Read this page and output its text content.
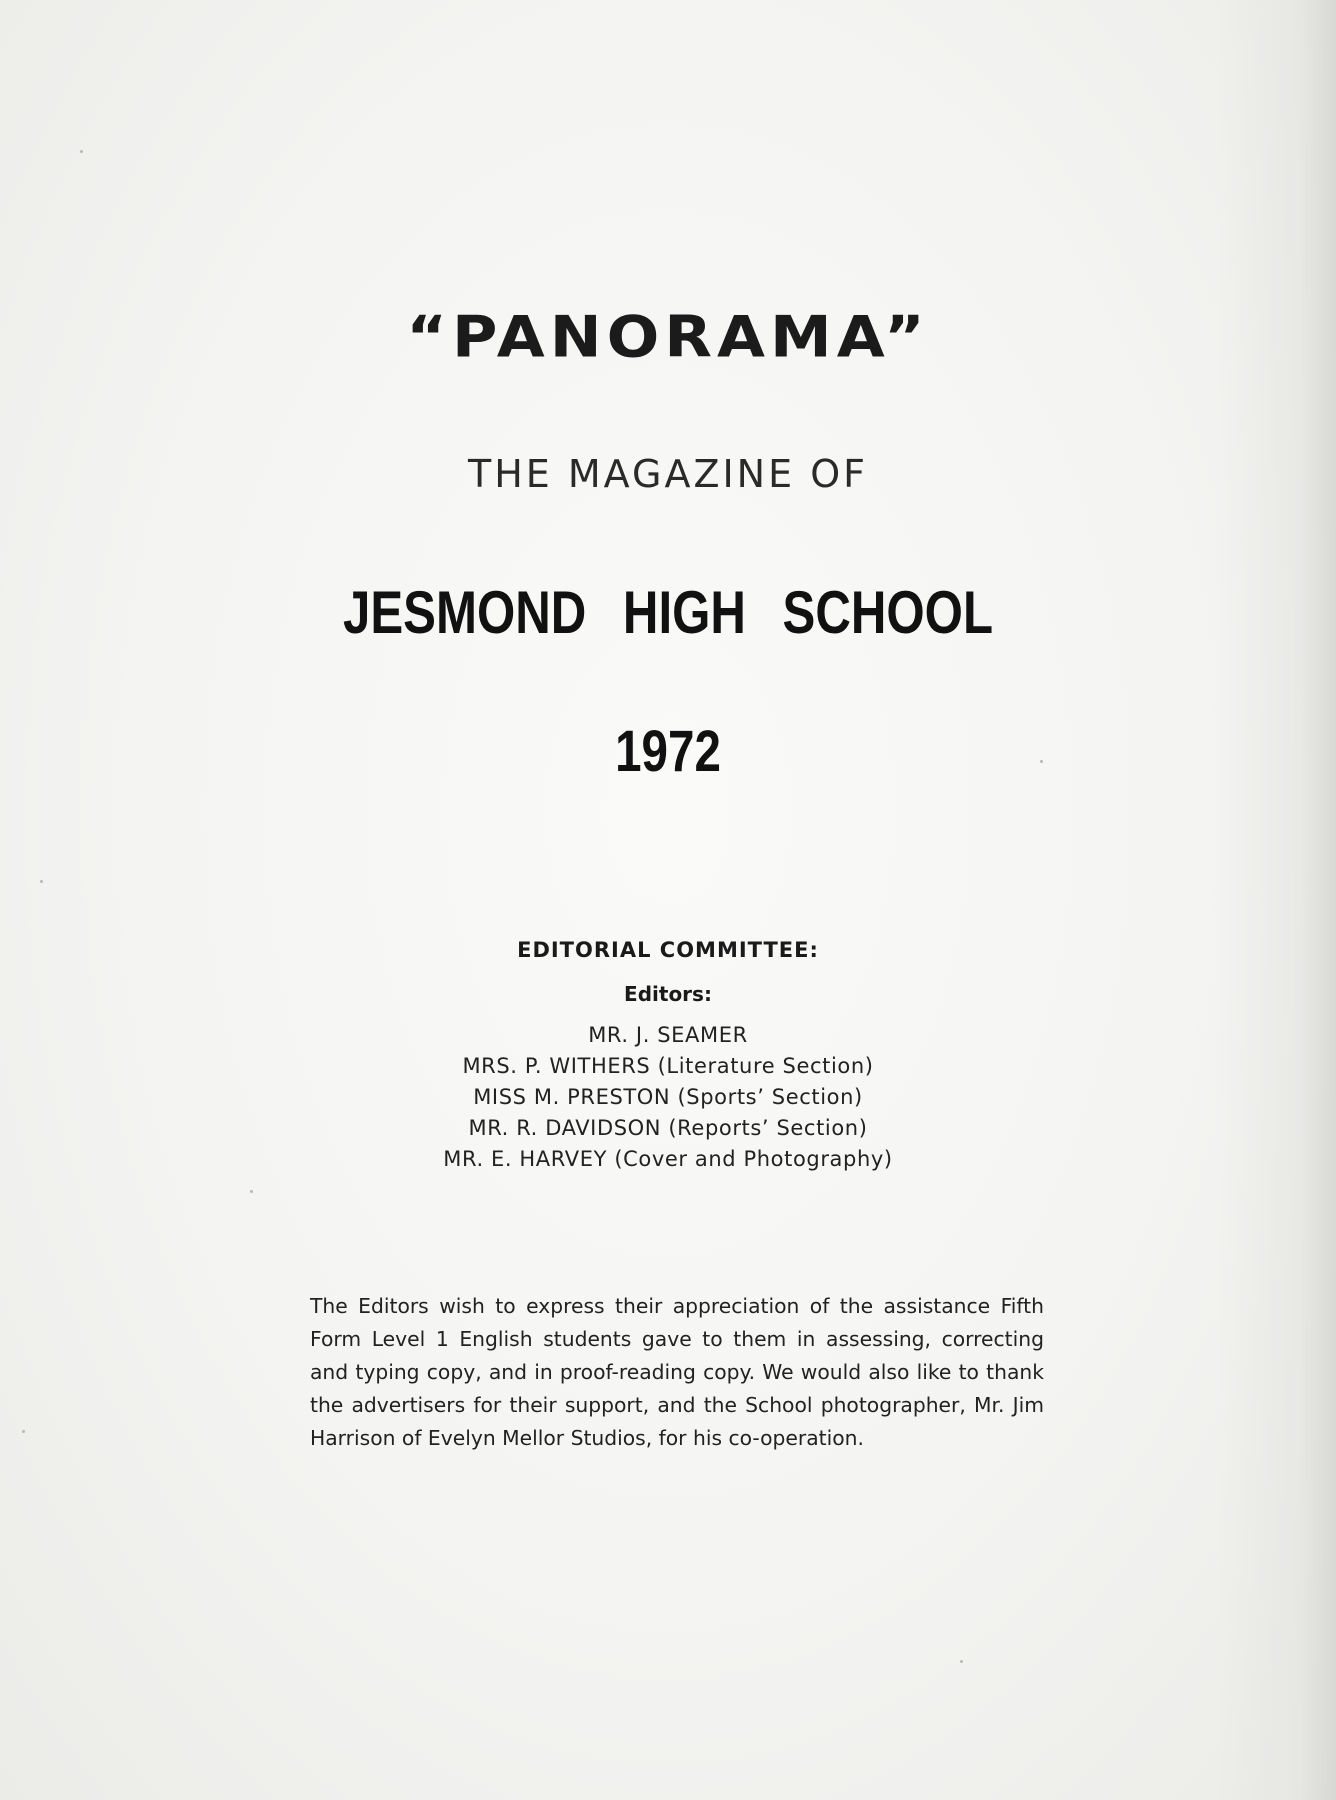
“PANORAMA”
THE MAGAZINE OF
JESMOND HIGH SCHOOL
1972
EDITORIAL COMMITTEE:
Editors:
MR. J. SEAMER
MRS. P. WITHERS (Literature Section)
MISS M. PRESTON (Sports’ Section)
MR. R. DAVIDSON (Reports’ Section)
MR. E. HARVEY (Cover and Photography)

The Editors wish to express their appreciation of the assistance Fifth Form Level 1 English students gave to them in assessing, correcting and typing copy, and in proof-reading copy. We would also like to thank the advertisers for their support, and the School photographer, Mr. Jim Harrison of Evelyn Mellor Studios, for his co-operation.
